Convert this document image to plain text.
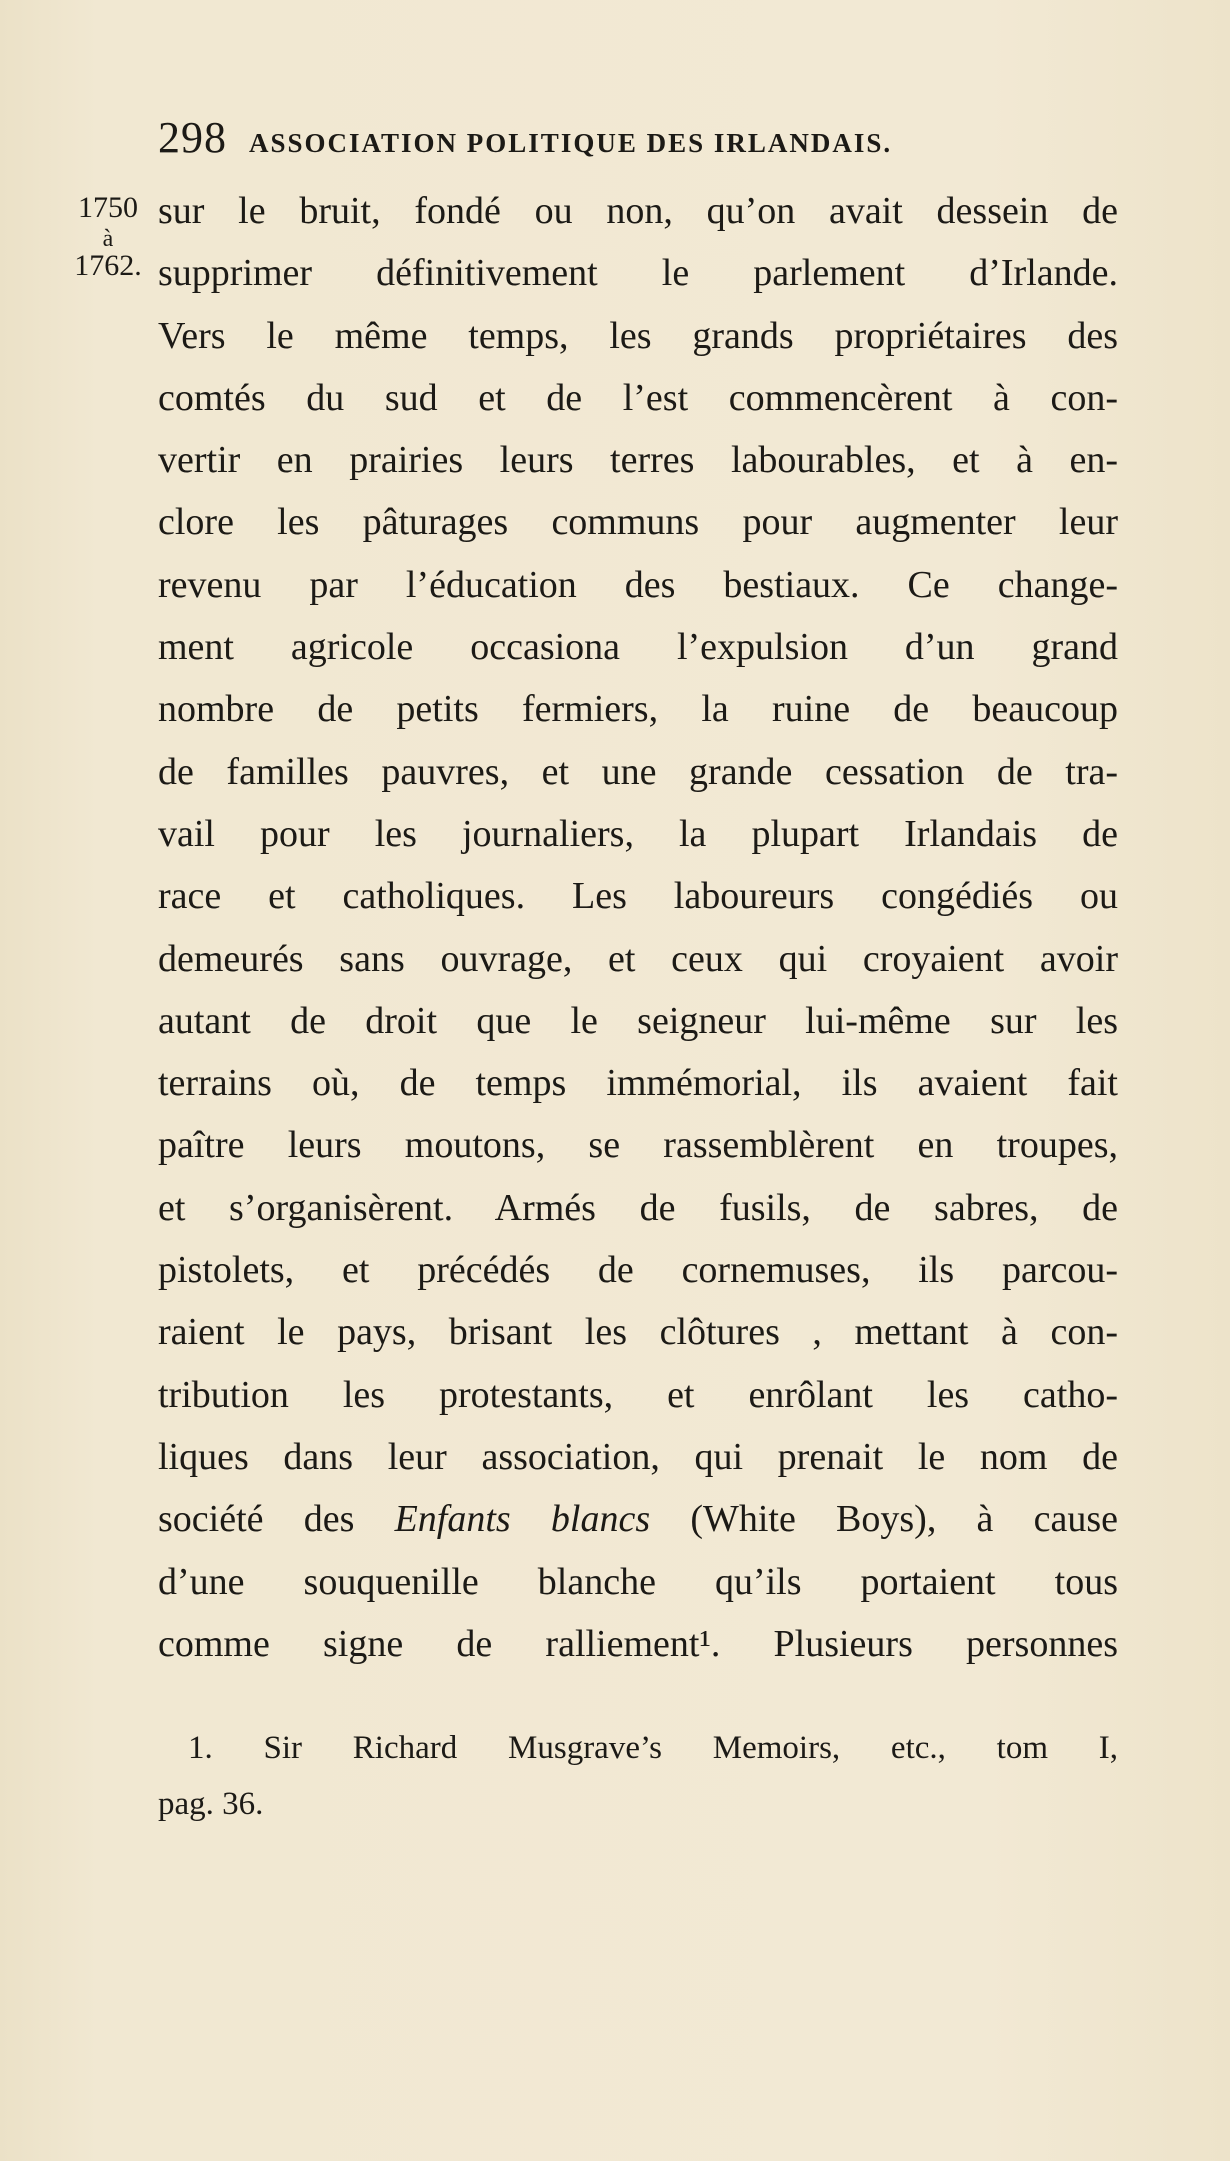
298 ASSOCIATION POLITIQUE DES IRLANDAIS.
1750
à
1762.
sur le bruit, fondé ou non, qu’on avait dessein de
supprimer définitivement le parlement d’Irlande.
Vers le même temps, les grands propriétaires des
comtés du sud et de l’est commencèrent à con-
vertir en prairies leurs terres labourables, et à en-
clore les pâturages communs pour augmenter leur
revenu par l’éducation des bestiaux. Ce change-
ment agricole occasiona l’expulsion d’un grand
nombre de petits fermiers, la ruine de beaucoup
de familles pauvres, et une grande cessation de tra-
vail pour les journaliers, la plupart Irlandais de
race et catholiques. Les laboureurs congédiés ou
demeurés sans ouvrage, et ceux qui croyaient avoir
autant de droit que le seigneur lui-même sur les
terrains où, de temps immémorial, ils avaient fait
paître leurs moutons, se rassemblèrent en troupes,
et s’organisèrent. Armés de fusils, de sabres, de
pistolets, et précédés de cornemuses, ils parcou-
raient le pays, brisant les clôtures , mettant à con-
tribution les protestants, et enrôlant les catho-
liques dans leur association, qui prenait le nom de
société des Enfants blancs (White Boys), à cause
d’une souquenille blanche qu’ils portaient tous
comme signe de ralliement¹. Plusieurs personnes
1. Sir Richard Musgrave’s Memoirs, etc., tom I,
pag. 36.
